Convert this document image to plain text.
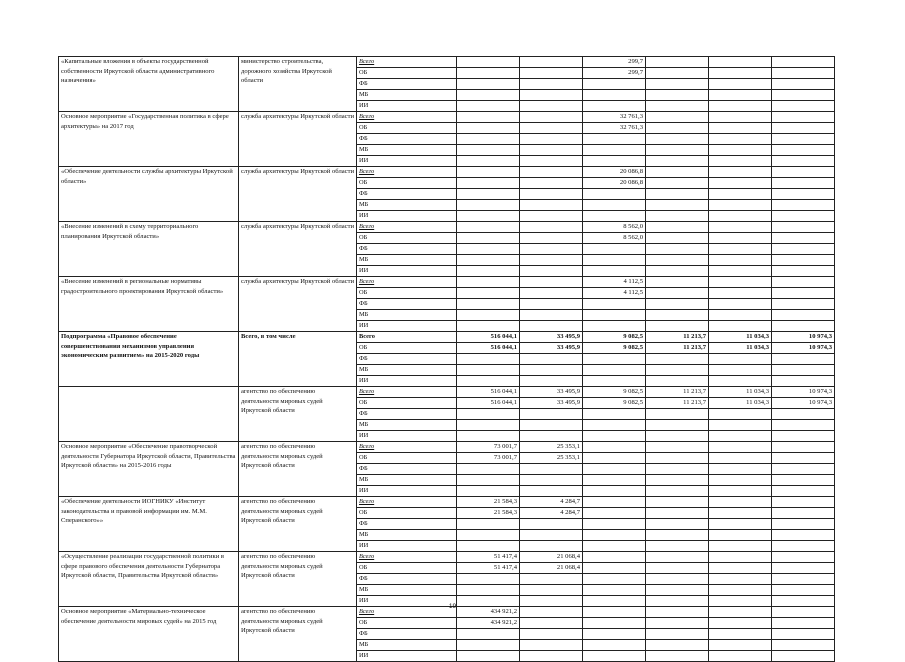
«Капитальные вложения в объекты государственной собственности Иркутской области административного назначения»	министерство строительства, дорожного хозяйства Иркутской области	Всего			299,7			
		ОБ			299,7			
		ФБ						
		МБ						
		ИИ						
Основное мероприятие «Государственная политика в сфере архитектуры» на 2017 год	служба архитектуры Иркутской области	Всего			32 761,3			
		ОБ			32 761,3			
		ФБ						
		МБ						
		ИИ						
«Обеспечение деятельности службы архитектуры Иркутской области»	служба архитектуры Иркутской области	Всего			20 086,8			
		ОБ			20 086,8			
		ФБ						
		МБ						
		ИИ						
«Внесение изменений в схему территориального планирования Иркутской области»	служба архитектуры Иркутской области	Всего			8 562,0			
		ОБ			8 562,0			
		ФБ						
		МБ						
		ИИ						
«Внесение изменений в региональные нормативы градостроительного проектирования Иркутской области»	служба архитектуры Иркутской области	Всего			4 112,5			
		ОБ			4 112,5			
		ФБ						
		МБ						
		ИИ						
Подпрограмма «Правовое обеспечение совершенствования механизмов управления экономическим развитием» на 2015-2020 годы	Всего, в том числе	Всего	516 044,1	33 495,9	9 082,5	11 213,7	11 034,3	10 974,3
		ОБ	516 044,1	33 495,9	9 082,5	11 213,7	11 034,3	10 974,3
		ФБ						
		МБ						
		ИИ						
	агентство по обеспечению деятельности мировых судей Иркутской области	Всего	516 044,1	33 495,9	9 082,5	11 213,7	11 034,3	10 974,3
		ОБ	516 044,1	33 495,9	9 082,5	11 213,7	11 034,3	10 974,3
		ФБ						
		МБ						
		ИИ						
Основное мероприятие «Обеспечение правотворческой деятельности Губернатора Иркутской области, Правительства Иркутской области» на 2015-2016 годы	агентство по обеспечению деятельности мировых судей Иркутской области	Всего	73 001,7	25 353,1				
		ОБ	73 001,7	25 353,1				
		ФБ						
		МБ						
		ИИ						
«Обеспечение деятельности ИОГНИКУ «Институт законодательства и правовой информации им. М.М. Сперанского»»	агентство по обеспечению деятельности мировых судей Иркутской области	Всего	21 584,3	4 284,7				
		ОБ	21 584,3	4 284,7				
		ФБ						
		МБ						
		ИИ						
«Осуществление реализации государственной политики в сфере правового обеспечения деятельности Губернатора Иркутской области, Правительства Иркутской области»	агентство по обеспечению деятельности мировых судей Иркутской области	Всего	51 417,4	21 068,4				
		ОБ	51 417,4	21 068,4				
		ФБ						
		МБ						
		ИИ						
Основное мероприятие «Материально-техническое обеспечение деятельности мировых судей» на 2015 год	агентство по обеспечению деятельности мировых судей Иркутской области	Всего	434 921,2					
		ОБ	434 921,2					
		ФБ						
		МБ						
		ИИ						
19
